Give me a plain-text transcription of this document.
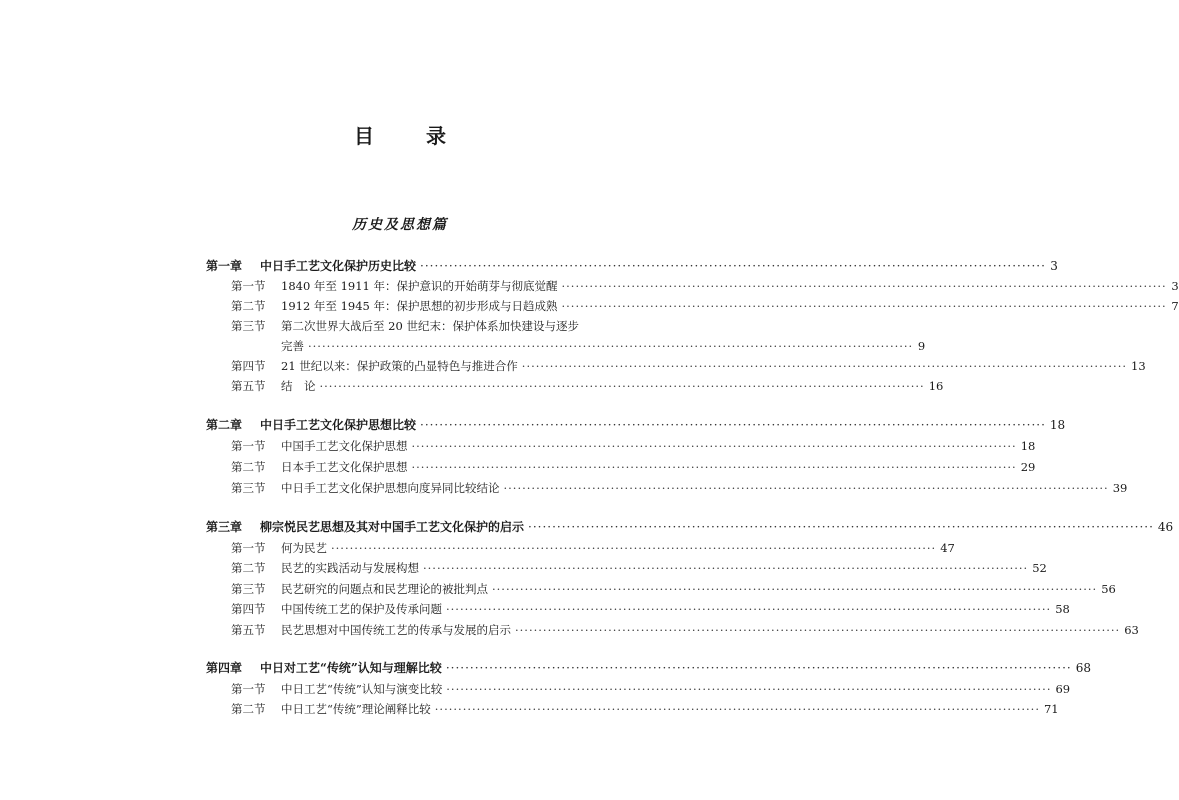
目　录
历史及思想篇
第一章	中日手工艺文化保护历史比较 ·····	3
第一节	1840 年至 1911 年：保护意识的开始萌芽与彻底觉醒 ·····	3
第二节	1912 年至 1945 年：保护思想的初步形成与日趋成熟 ·····	7
第三节	第二次世界大战后至 20 世纪末：保护体系加快建设与逐步
完善 ·····	9
第四节	21 世纪以来：保护政策的凸显特色与推进合作 ·····	13
第五节	结　论 ·····	16
第二章	中日手工艺文化保护思想比较 ·····	18
第一节	中国手工艺文化保护思想 ·····	18
第二节	日本手工艺文化保护思想 ·····	29
第三节	中日手工艺文化保护思想向度异同比较结论 ·····	39
第三章	柳宗悦民艺思想及其对中国手工艺文化保护的启示 ·····	46
第一节	何为民艺 ·····	47
第二节	民艺的实践活动与发展构想 ·····	52
第三节	民艺研究的问题点和民艺理论的被批判点 ·····	56
第四节	中国传统工艺的保护及传承问题 ·····	58
第五节	民艺思想对中国传统工艺的传承与发展的启示 ·····	63
第四章	中日对工艺“传统”认知与理解比较 ·····	68
第一节	中日工艺“传统”认知与演变比较 ·····	69
第二节	中日工艺“传统”理论阐释比较 ·····	71
